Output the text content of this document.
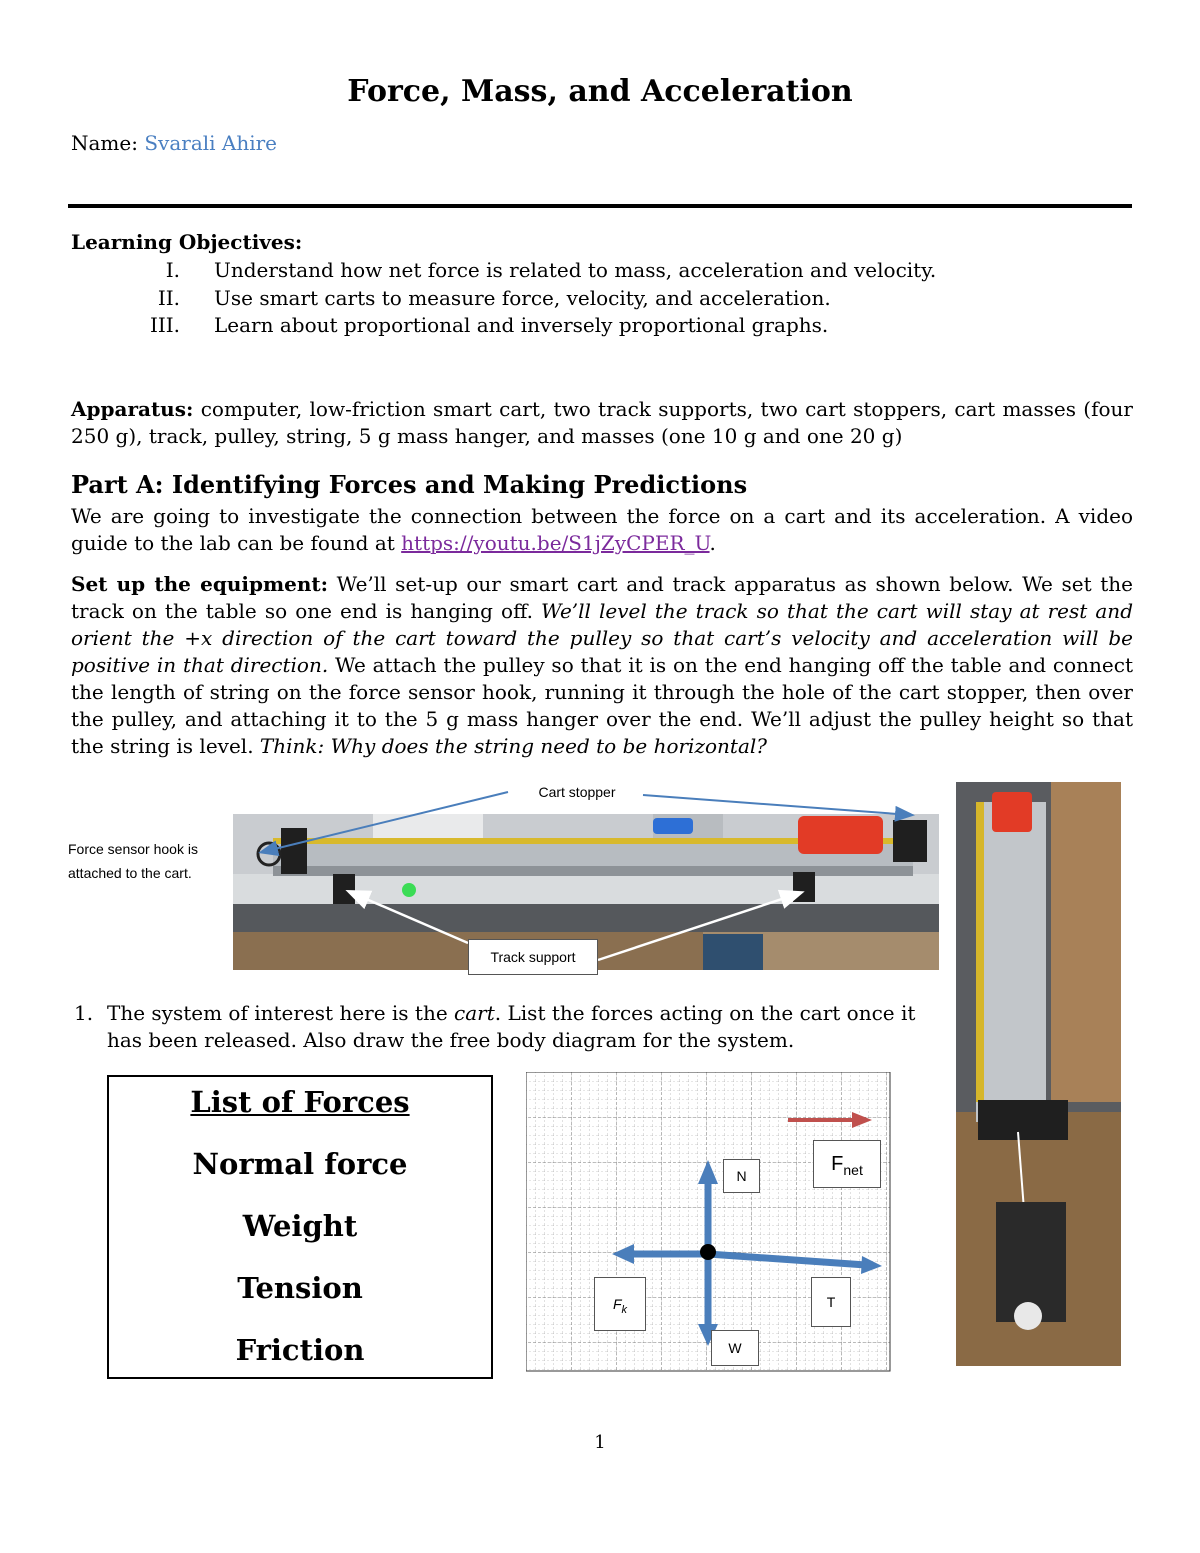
Force, Mass, and Acceleration
Name: Svarali Ahire
Learning Objectives:
I. Understand how net force is related to mass, acceleration and velocity.
II. Use smart carts to measure force, velocity, and acceleration.
III. Learn about proportional and inversely proportional graphs.
Apparatus: computer, low-friction smart cart, two track supports, two cart stoppers, cart masses (four 250 g), track, pulley, string, 5 g mass hanger, and masses (one 10 g and one 20 g)
Part A: Identifying Forces and Making Predictions
We are going to investigate the connection between the force on a cart and its acceleration. A video guide to the lab can be found at https://youtu.be/S1jZyCPER_U.
Set up the equipment: We’ll set-up our smart cart and track apparatus as shown below. We set the track on the table so one end is hanging off. We’ll level the track so that the cart will stay at rest and orient the +x direction of the cart toward the pulley so that cart’s velocity and acceleration will be positive in that direction. We attach the pulley so that it is on the end hanging off the table and connect the length of string on the force sensor hook, running it through the hole of the cart stopper, then over the pulley, and attaching it to the 5 g mass hanger over the end. We’ll adjust the pulley height so that the string is level. Think: Why does the string need to be horizontal?
Cart stopper
Force sensor hook is attached to the cart.
Track support
1. The system of interest here is the cart. List the forces acting on the cart once it has been released. Also draw the free body diagram for the system.
List of Forces
Normal force
Weight
Tension
Friction
N
W
T
$F_k$
$F_{net}$
1
